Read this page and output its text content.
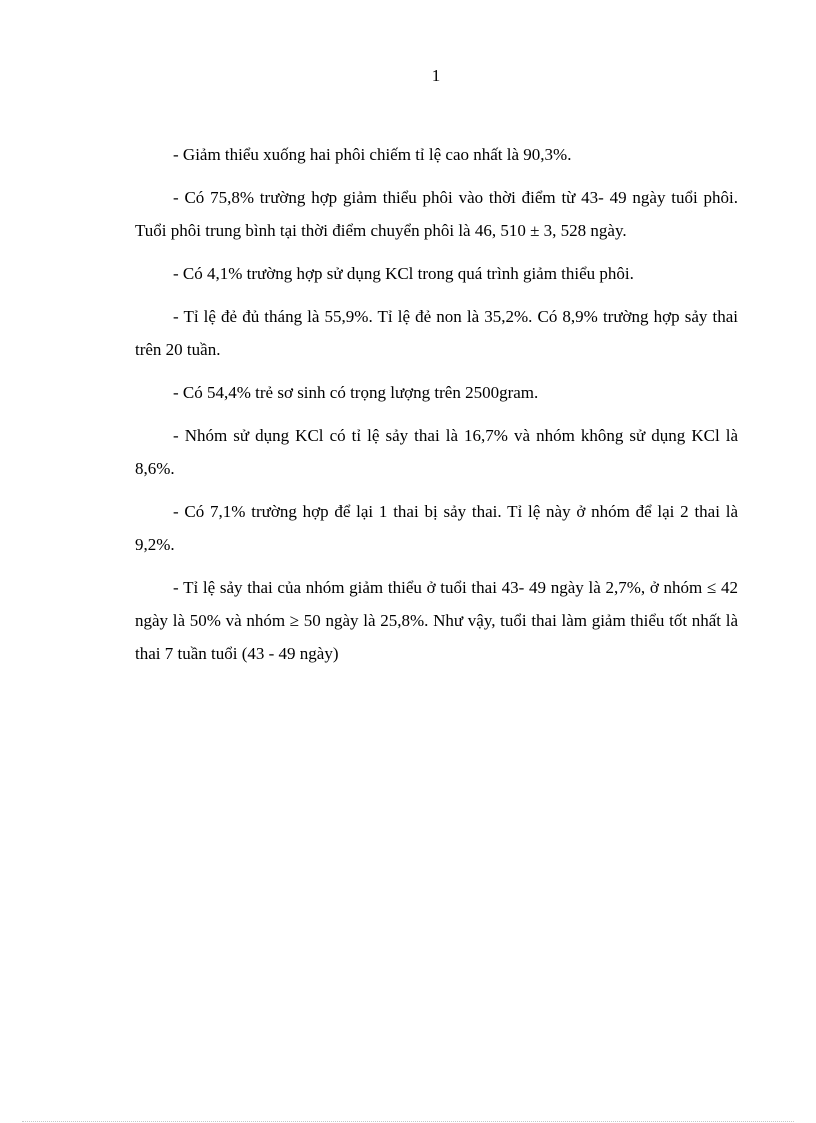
1

- Giảm thiểu xuống hai phôi chiếm tỉ lệ cao nhất là 90,3%.

- Có 75,8% trường hợp giảm thiểu phôi vào thời điểm từ 43- 49 ngày tuổi phôi. Tuổi phôi trung bình tại thời điểm chuyển phôi là 46, 510 ± 3, 528 ngày.

- Có 4,1% trường hợp sử dụng KCl trong quá trình giảm thiểu phôi.

- Tỉ lệ đẻ đủ tháng là 55,9%. Tỉ lệ đẻ non là 35,2%. Có 8,9% trường hợp sảy thai trên 20 tuần.

- Có 54,4% trẻ sơ sinh có trọng lượng trên 2500gram.

- Nhóm sử dụng KCl có tỉ lệ sảy thai là 16,7% và nhóm không sử dụng KCl là 8,6%.

- Có 7,1% trường hợp để lại 1 thai bị sảy thai. Tỉ lệ này ở nhóm để lại 2 thai là 9,2%.

- Tỉ lệ sảy thai của nhóm giảm thiểu ở tuổi thai 43- 49 ngày là 2,7%, ở nhóm ≤ 42 ngày là 50% và nhóm ≥ 50 ngày là 25,8%. Như vậy, tuổi thai làm giảm thiểu tốt nhất là thai 7 tuần tuổi (43 - 49 ngày)
